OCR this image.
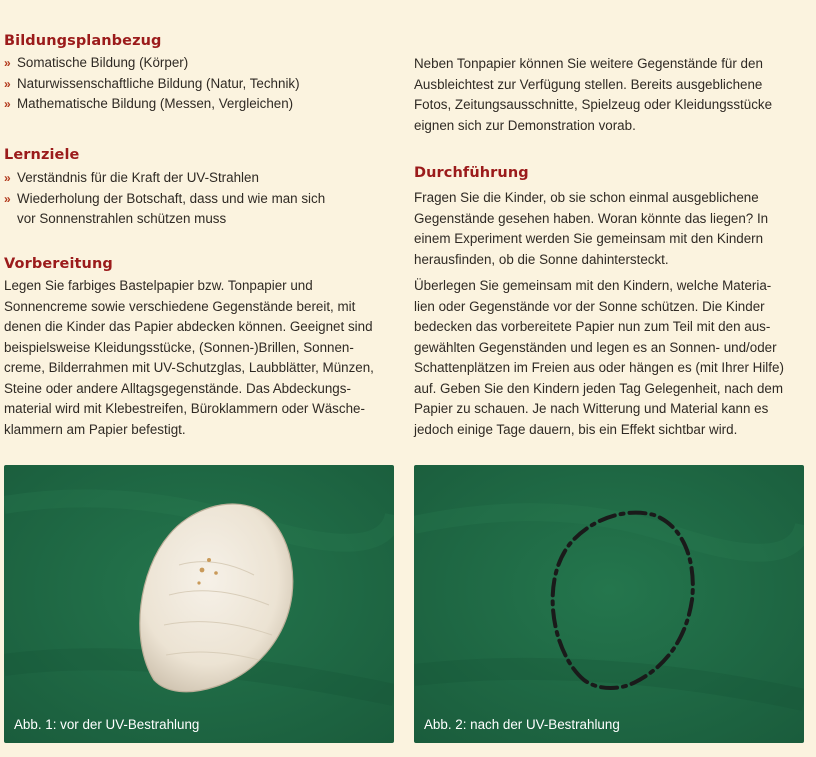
Bildungsplanbezug
» Somatische Bildung (Körper)
» Naturwissenschaftliche Bildung (Natur, Technik)
» Mathematische Bildung (Messen, Vergleichen)
Lernziele
» Verständnis für die Kraft der UV-Strahlen
» Wiederholung der Botschaft, dass und wie man sich
vor Sonnenstrahlen schützen muss
Vorbereitung

Legen Sie farbiges Bastelpapier bzw. Tonpapier und
Sonnencreme sowie verschiedene Gegenstände bereit, mit
denen die Kinder das Papier abdecken können. Geeignet sind
beispielsweise Kleidungsstücke, (Sonnen-)Brillen, Sonnen-
creme, Bilderrahmen mit UV-Schutzglas, Laubblätter, Münzen,
Steine oder andere Alltagsgegenstände. Das Abdeckungs-
material wird mit Klebestreifen, Büroklammern oder Wäsche-
klammern am Papier befestigt.

Neben Tonpapier können Sie weitere Gegenstände für den
Ausbleichtest zur Verfügung stellen. Bereits ausgeblichene
Fotos, Zeitungsausschnitte, Spielzeug oder Kleidungsstücke
eignen sich zur Demonstration vorab.

Durchführung

Fragen Sie die Kinder, ob sie schon einmal ausgeblichene
Gegenstände gesehen haben. Woran könnte das liegen? In
einem Experiment werden Sie gemeinsam mit den Kindern
herausfinden, ob die Sonne dahintersteckt.

Überlegen Sie gemeinsam mit den Kindern, welche Materia-
lien oder Gegenstände vor der Sonne schützen. Die Kinder
bedecken das vorbereitete Papier nun zum Teil mit den aus-
gewählten Gegenständen und legen es an Sonnen- und/oder
Schattenplätzen im Freien aus oder hängen es (mit Ihrer Hilfe)
auf. Geben Sie den Kindern jeden Tag Gelegenheit, nach dem
Papier zu schauen. Je nach Witterung und Material kann es
jedoch einige Tage dauern, bis ein Effekt sichtbar wird.

Abb. 1: vor der UV-Bestrahlung	Abb. 2: nach der UV-Bestrahlung
